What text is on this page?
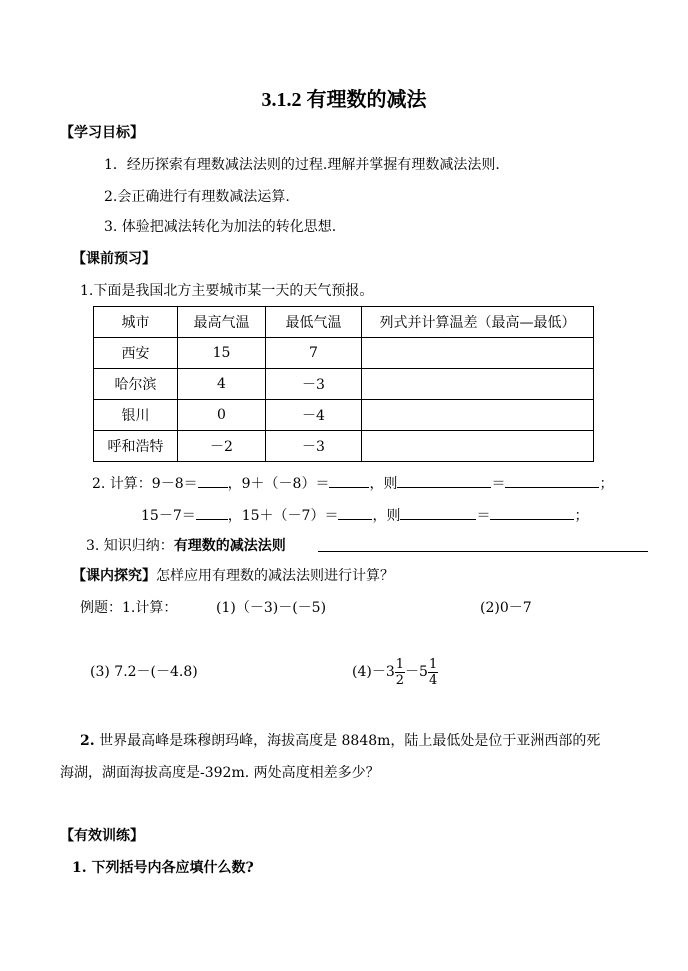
3.1.2 有理数的减法
【学习目标】
1．经历探索有理数减法法则的过程.理解并掌握有理数减法法则.
2.会正确进行有理数减法运算.
3. 体验把减法转化为加法的转化思想.
【课前预习】
1.下面是我国北方主要城市某一天的天气预报。
城市	最高气温	最低气温	列式并计算温差（最高—最低）
西安	15	7	
哈尔滨	4	－3	
银川	0	－4	
呼和浩特	－2	－3	
2. 计算：9－8＝ ，9＋（－8）＝	，则	＝	；
15－7＝ ，15＋（－7）＝ ，则	＝	；
3. 知识归纳：有理数的减法法则
【课内探究】怎样应用有理数的减法法则进行计算？
例题：1.计算：	(1)（－3)－(－5)	(2)0－7
(3) 7.2－(－4.8)	$(4)-3 \frac{1}{2} -5 \frac{1}{4}$
2. 世界最高峰是珠穆朗玛峰，海拔高度是 8848m，陆上最低处是位于亚洲西部的死
海湖，湖面海拔高度是-392m. 两处高度相差多少？
【有效训练】
1. 下列括号内各应填什么数?
